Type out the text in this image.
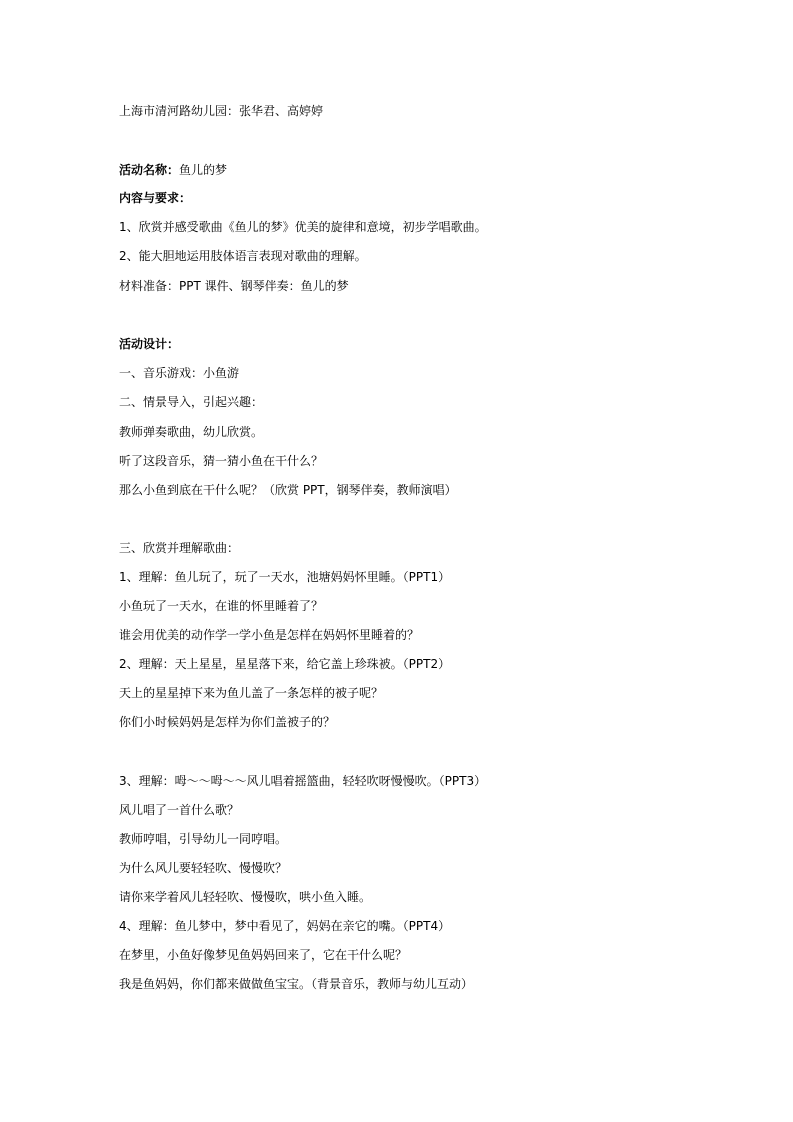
上海市清河路幼儿园：张华君、高婷婷
活动名称：鱼儿的梦
内容与要求：
1、欣赏并感受歌曲《鱼儿的梦》优美的旋律和意境，初步学唱歌曲。
2、能大胆地运用肢体语言表现对歌曲的理解。
材料准备：PPT 课件、钢琴伴奏：鱼儿的梦
活动设计：
一、音乐游戏：小鱼游
二、情景导入，引起兴趣：
教师弹奏歌曲，幼儿欣赏。
听了这段音乐，猜一猜小鱼在干什么？
那么小鱼到底在干什么呢？（欣赏 PPT，钢琴伴奏，教师演唱）
三、欣赏并理解歌曲：
1、理解：鱼儿玩了，玩了一天水，池塘妈妈怀里睡。（PPT1）
小鱼玩了一天水，在谁的怀里睡着了？
谁会用优美的动作学一学小鱼是怎样在妈妈怀里睡着的？
2、理解：天上星星，星星落下来，给它盖上珍珠被。（PPT2）
天上的星星掉下来为鱼儿盖了一条怎样的被子呢？
你们小时候妈妈是怎样为你们盖被子的？
3、理解：呣～～呣～～风儿唱着摇篮曲，轻轻吹呀慢慢吹。（PPT3）
风儿唱了一首什么歌？
教师哼唱，引导幼儿一同哼唱。
为什么风儿要轻轻吹、慢慢吹？
请你来学着风儿轻轻吹、慢慢吹，哄小鱼入睡。
4、理解：鱼儿梦中，梦中看见了，妈妈在亲它的嘴。（PPT4）
在梦里，小鱼好像梦见鱼妈妈回来了，它在干什么呢？
我是鱼妈妈，你们都来做做鱼宝宝。（背景音乐，教师与幼儿互动）
